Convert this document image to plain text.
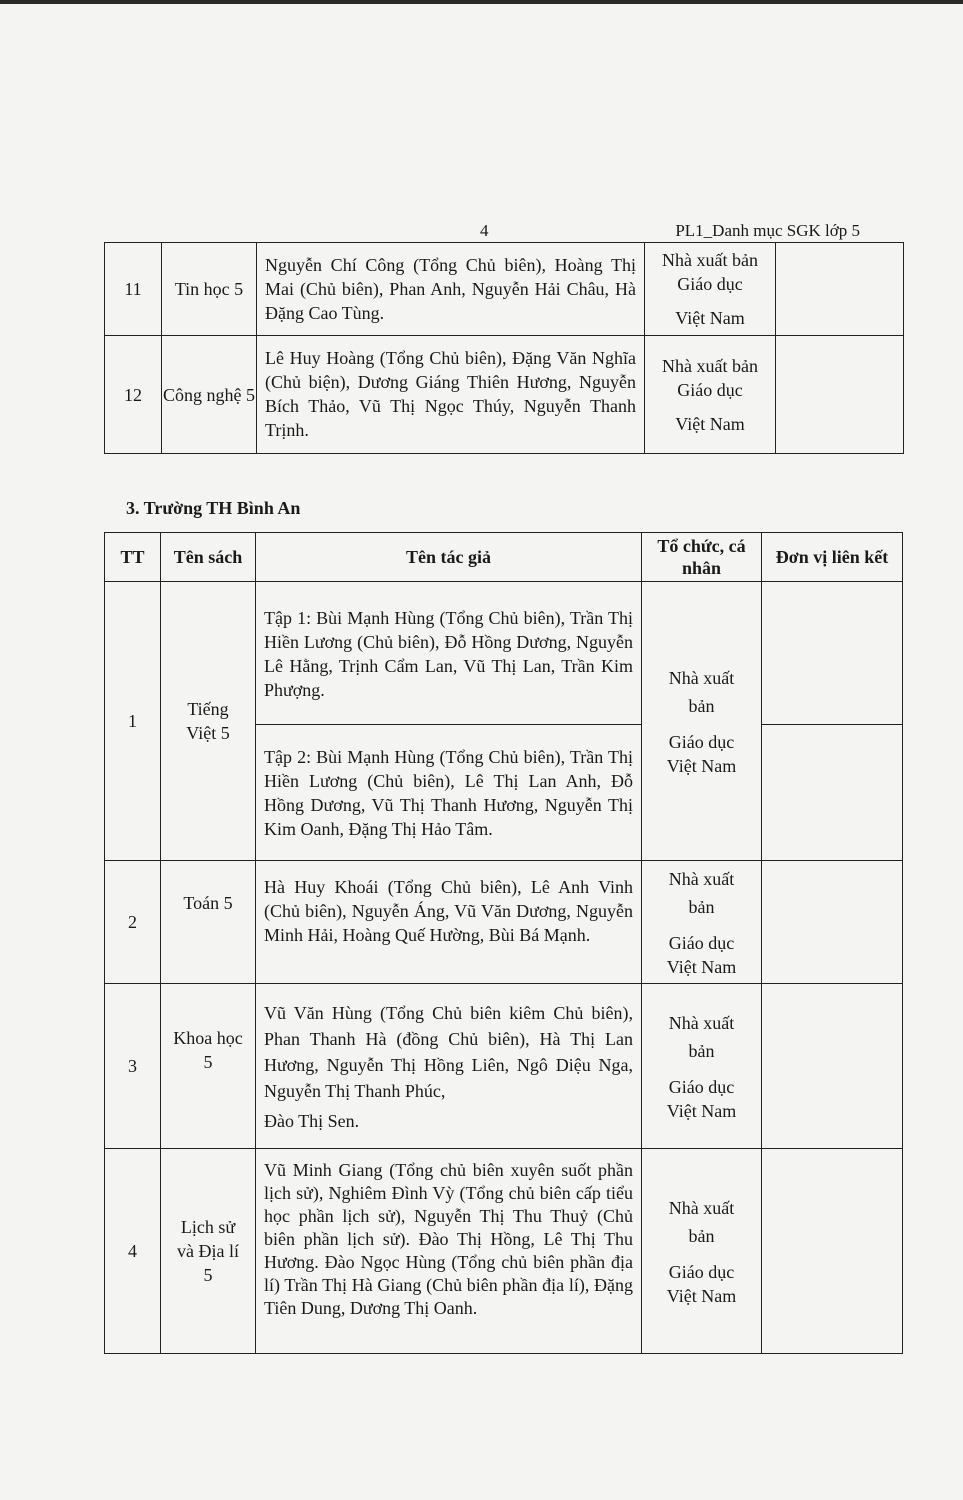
4	PL1_Danh mục SGK lớp 5
11	Tin học 5	Nguyễn Chí Công (Tổng Chủ biên), Hoàng Thị Mai (Chủ biên), Phan Anh, Nguyễn Hải Châu, Hà Đặng Cao Tùng.	Nhà xuất bản
Giáo dục

Việt Nam	
12	Công nghệ 5	Lê Huy Hoàng (Tổng Chủ biên), Đặng Văn Nghĩa (Chủ biện), Dương Giáng Thiên Hương, Nguyễn Bích Thảo, Vũ Thị Ngọc Thúy, Nguyễn Thanh Trịnh.	Nhà xuất bản
Giáo dục

Việt Nam	
3. Trường TH Bình An
TT	Tên sách	Tên tác giả	Tổ chức, cá nhân	Đơn vị liên kết
1	Tiếng Việt 5	Tập 1: Bùi Mạnh Hùng (Tổng Chủ biên), Trần Thị Hiền Lương (Chủ biên), Đỗ Hồng Dương, Nguyễn Lê Hằng, Trịnh Cẩm Lan, Vũ Thị Lan, Trần Kim Phượng.	Nhà xuất bản
Giáo dục Việt Nam	

		Tập 2: Bùi Mạnh Hùng (Tổng Chủ biên), Trần Thị Hiền Lương (Chủ biên), Lê Thị Lan Anh, Đỗ Hồng Dương, Vũ Thị Thanh Hương, Nguyễn Thị Kim Oanh, Đặng Thị Hảo Tâm.		
2	Toán 5	Hà Huy Khoái (Tổng Chủ biên), Lê Anh Vinh (Chủ biên), Nguyễn Áng, Vũ Văn Dương, Nguyễn Minh Hải, Hoàng Quế Hường, Bùi Bá Mạnh.	Nhà xuất bản
Giáo dục Việt Nam	

3	Khoa học 5	Vũ Văn Hùng (Tổng Chủ biên kiêm Chủ biên), Phan Thanh Hà (đồng Chủ biên), Hà Thị Lan Hương, Nguyễn Thị Hồng Liên, Ngô Diệu Nga, Nguyễn Thị Thanh Phúc,
Đào Thị Sen.	Nhà xuất bản
Giáo dục Việt Nam	

4	Lịch sử và Địa lí 5	Vũ Minh Giang (Tổng chủ biên xuyên suốt phần lịch sử), Nghiêm Đình Vỳ (Tổng chủ biên cấp tiểu học phần lịch sử), Nguyễn Thị Thu Thuỷ (Chủ biên phần lịch sử). Đào Thị Hồng, Lê Thị Thu Hương. Đào Ngọc Hùng (Tổng chủ biên phần địa lí) Trần Thị Hà Giang (Chủ biên phần địa lí), Đặng Tiên Dung, Dương Thị Oanh.	Nhà xuất bản
Giáo dục Việt Nam	
